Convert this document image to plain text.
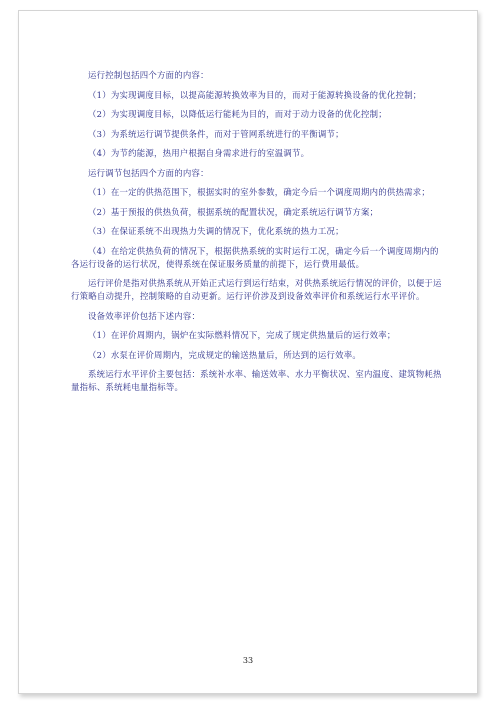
运行控制包括四个方面的内容：

（1）为实现调度目标，以提高能源转换效率为目的，而对于能源转换设备的优化控制；

（2）为实现调度目标，以降低运行能耗为目的，而对于动力设备的优化控制；

（3）为系统运行调节提供条件，而对于管网系统进行的平衡调节；

（4）为节约能源，热用户根据自身需求进行的室温调节。

运行调节包括四个方面的内容：

（1）在一定的供热范围下，根据实时的室外参数，确定今后一个调度周期内的供热需求；

（2）基于预报的供热负荷，根据系统的配置状况，确定系统运行调节方案；

（3）在保证系统不出现热力失调的情况下，优化系统的热力工况；

（4）在给定供热负荷的情况下，根据供热系统的实时运行工况，确定今后一个调度周期内的各运行设备的运行状况，使得系统在保证服务质量的前提下，运行费用最低。

运行评价是指对供热系统从开始正式运行到运行结束，对供热系统运行情况的评价，以便于运行策略自动提升，控制策略的自动更新。运行评价涉及到设备效率评价和系统运行水平评价。

设备效率评价包括下述内容：

（1）在评价周期内，锅炉在实际燃料情况下，完成了规定供热量后的运行效率；

（2）水泵在评价周期内，完成规定的输送热量后，所达到的运行效率。

系统运行水平评价主要包括：系统补水率、输送效率、水力平衡状况、室内温度、建筑物耗热量指标、系统耗电量指标等。

33
